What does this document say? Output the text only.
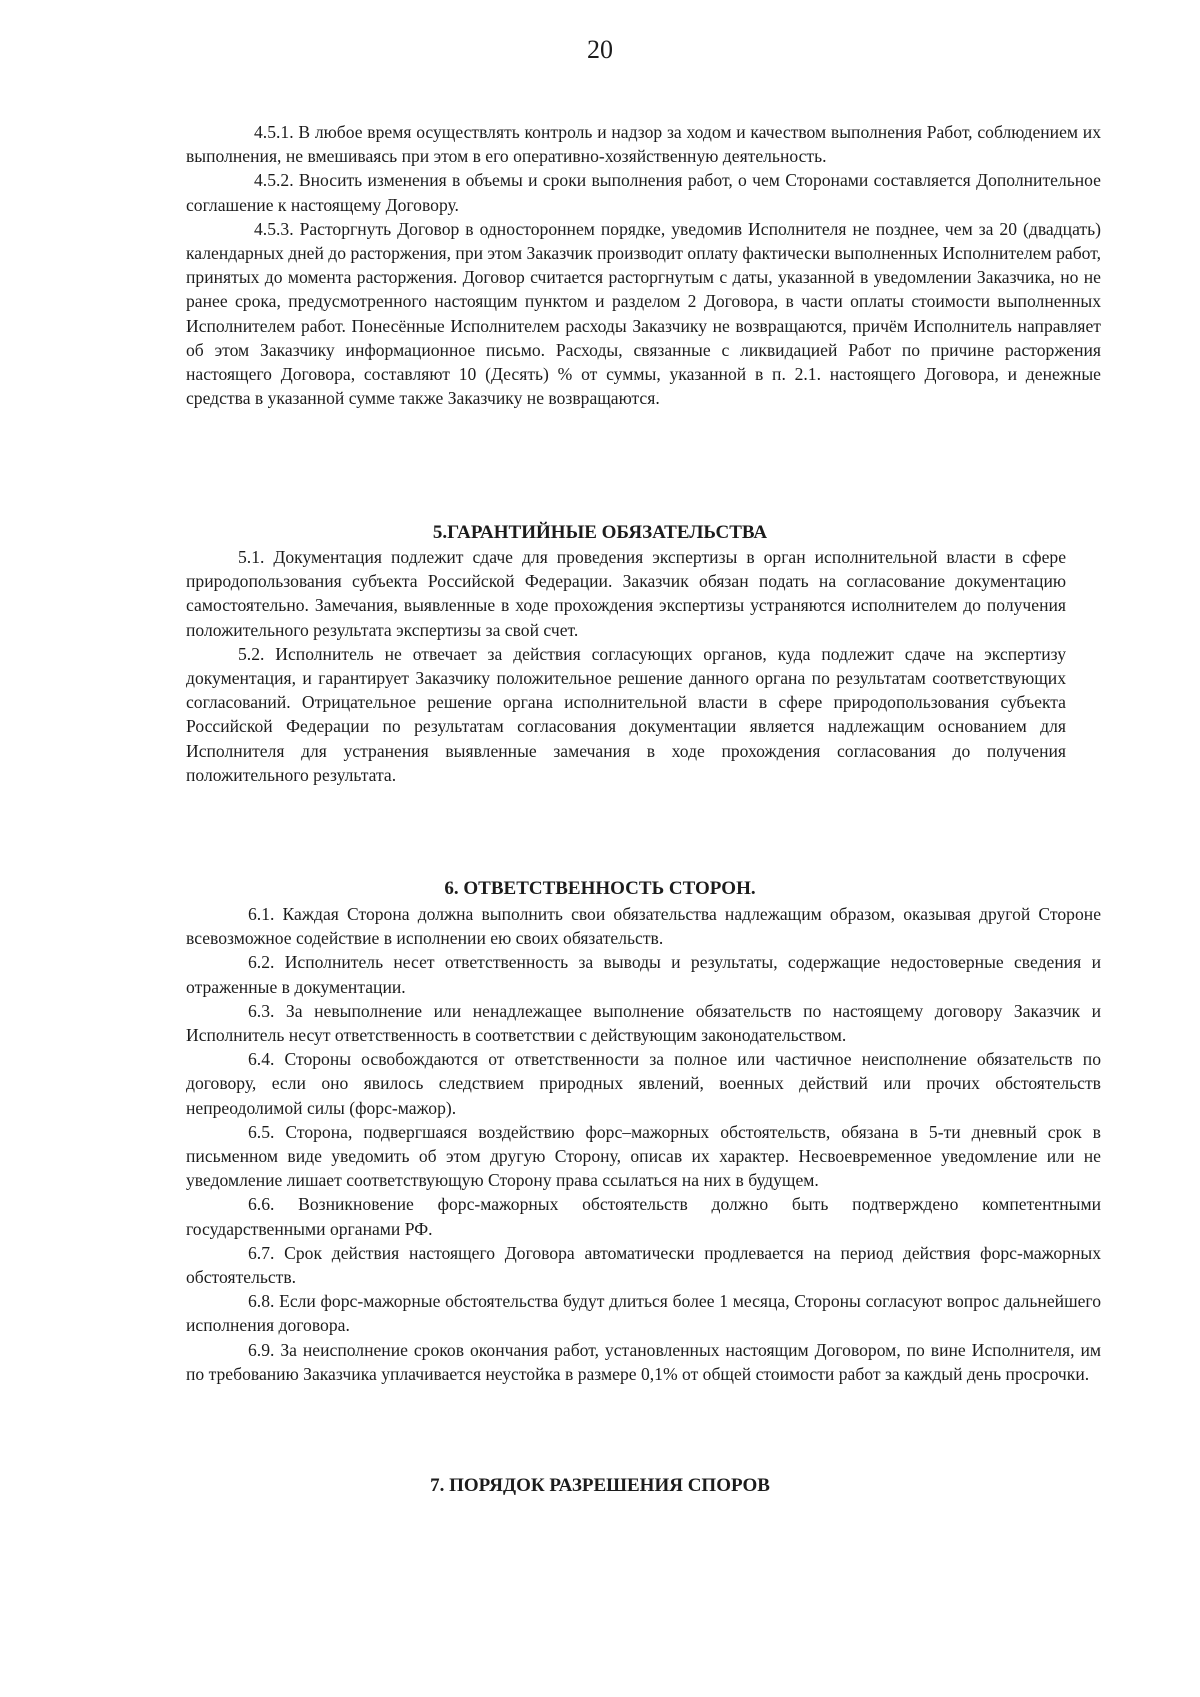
20

4.5.1. В любое время осуществлять контроль и надзор за ходом и качеством выполнения Работ, соблюдением их выполнения, не вмешиваясь при этом в его оперативно-хозяйственную деятельность.

4.5.2. Вносить изменения в объемы и сроки выполнения работ, о чем Сторонами составляется Дополнительное соглашение к настоящему Договору.

4.5.3. Расторгнуть Договор в одностороннем порядке, уведомив Исполнителя не позднее, чем за 20 (двадцать) календарных дней до расторжения, при этом Заказчик производит оплату фактически выполненных Исполнителем работ, принятых до момента расторжения. Договор считается расторгнутым с даты, указанной в уведомлении Заказчика, но не ранее срока, предусмотренного настоящим пунктом и разделом 2 Договора, в части оплаты стоимости выполненных Исполнителем работ. Понесённые Исполнителем расходы Заказчику не возвращаются, причём Исполнитель направляет об этом Заказчику информационное письмо. Расходы, связанные с ликвидацией Работ по причине расторжения настоящего Договора, составляют 10 (Десять) % от суммы, указанной в п. 2.1. настоящего Договора, и денежные средства в указанной сумме также Заказчику не возвращаются.

5.ГАРАНТИЙНЫЕ ОБЯЗАТЕЛЬСТВА

5.1. Документация подлежит сдаче для проведения экспертизы в орган исполнительной власти в сфере природопользования субъекта Российской Федерации. Заказчик обязан подать на согласование документацию самостоятельно. Замечания, выявленные в ходе прохождения экспертизы устраняются исполнителем до получения положительного результата экспертизы за свой счет.

5.2. Исполнитель не отвечает за действия согласующих органов, куда подлежит сдаче на экспертизу документация, и гарантирует Заказчику положительное решение данного органа по результатам соответствующих согласований. Отрицательное решение органа исполнительной власти в сфере природопользования субъекта Российской Федерации по результатам согласования документации является надлежащим основанием для Исполнителя для устранения выявленные замечания в ходе прохождения согласования до получения положительного результата.

6. ОТВЕТСТВЕННОСТЬ СТОРОН.

6.1. Каждая Сторона должна выполнить свои обязательства надлежащим образом, оказывая другой Стороне всевозможное содействие в исполнении ею своих обязательств.

6.2. Исполнитель несет ответственность за выводы и результаты, содержащие недостоверные сведения и отраженные в документации.

6.3. За невыполнение или ненадлежащее выполнение обязательств по настоящему договору Заказчик и Исполнитель несут ответственность в соответствии с действующим законодательством.

6.4. Стороны освобождаются от ответственности за полное или частичное неисполнение обязательств по договору, если оно явилось следствием природных явлений, военных действий или прочих обстоятельств непреодолимой силы (форс-мажор).

6.5. Сторона, подвергшаяся воздействию форс–мажорных обстоятельств, обязана в 5-ти дневный срок в письменном виде уведомить об этом другую Сторону, описав их характер. Несвоевременное уведомление или не уведомление лишает соответствующую Сторону права ссылаться на них в будущем.

6.6. Возникновение форс-мажорных обстоятельств должно быть подтверждено компетентными государственными органами РФ.

6.7. Срок действия настоящего Договора автоматически продлевается на период действия форс-мажорных обстоятельств.

6.8. Если форс-мажорные обстоятельства будут длиться более 1 месяца, Стороны согласуют вопрос дальнейшего исполнения договора.

6.9. За неисполнение сроков окончания работ, установленных настоящим Договором, по вине Исполнителя, им по требованию Заказчика уплачивается неустойка в размере 0,1% от общей стоимости работ за каждый день просрочки.

7. ПОРЯДОК РАЗРЕШЕНИЯ СПОРОВ
